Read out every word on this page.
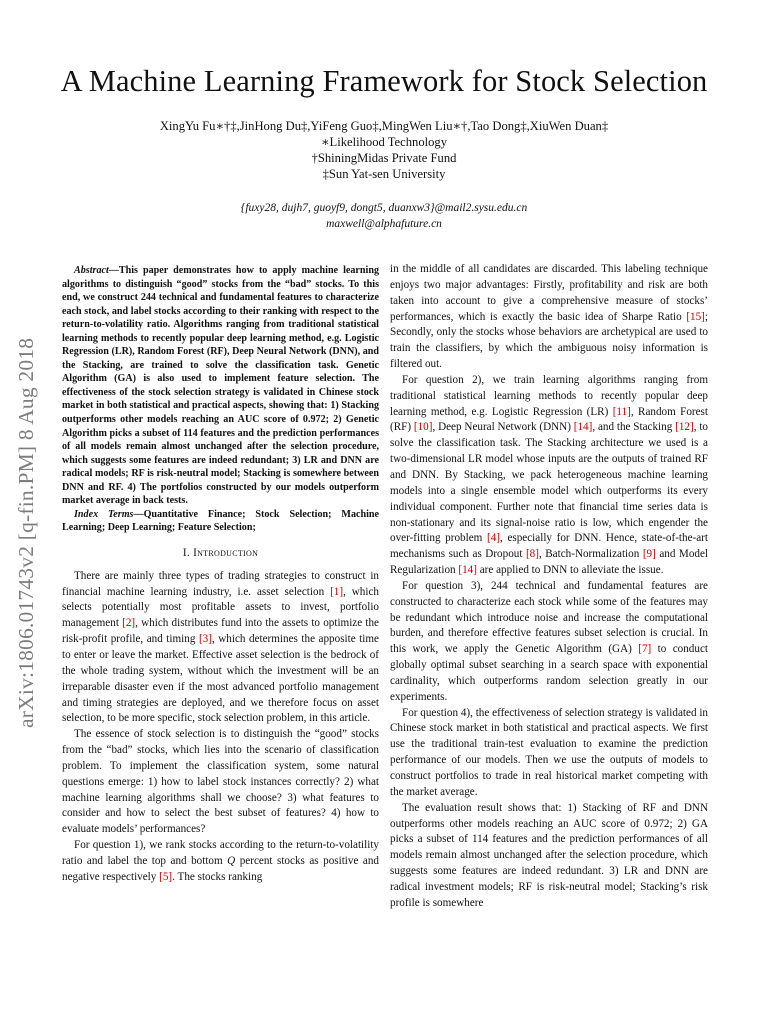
A Machine Learning Framework for Stock Selection
XingYu Fu∗†‡,JinHong Du‡,YiFeng Guo‡,MingWen Liu∗†,Tao Dong‡,XiuWen Duan‡
∗Likelihood Technology
†ShiningMidas Private Fund
‡Sun Yat-sen University
{fuxy28, dujh7, guoyf9, dongt5, duanxw3}@mail2.sysu.edu.cn
maxwell@alphafuture.cn
arXiv:1806.01743v2 [q-fin.PM] 8 Aug 2018

Abstract—This paper demonstrates how to apply machine learning algorithms to distinguish “good” stocks from the “bad” stocks. To this end, we construct 244 technical and fundamental features to characterize each stock, and label stocks according to their ranking with respect to the return-to-volatility ratio. Algorithms ranging from traditional statistical learning methods to recently popular deep learning method, e.g. Logistic Regression (LR), Random Forest (RF), Deep Neural Network (DNN), and the Stacking, are trained to solve the classification task. Genetic Algorithm (GA) is also used to implement feature selection. The effectiveness of the stock selection strategy is validated in Chinese stock market in both statistical and practical aspects, showing that: 1) Stacking outperforms other models reaching an AUC score of 0.972; 2) Genetic Algorithm picks a subset of 114 features and the prediction performances of all models remain almost unchanged after the selection procedure, which suggests some features are indeed redundant; 3) LR and DNN are radical models; RF is risk-neutral model; Stacking is somewhere between DNN and RF. 4) The portfolios constructed by our models outperform market average in back tests.

Index Terms—Quantitative Finance; Stock Selection; Machine Learning; Deep Learning; Feature Selection;

I. Introduction

There are mainly three types of trading strategies to construct in financial machine learning industry, i.e. asset selection [1], which selects potentially most profitable assets to invest, portfolio management [2], which distributes fund into the assets to optimize the risk-profit profile, and timing [3], which determines the apposite time to enter or leave the market. Effective asset selection is the bedrock of the whole trading system, without which the investment will be an irreparable disaster even if the most advanced portfolio management and timing strategies are deployed, and we therefore focus on asset selection, to be more specific, stock selection problem, in this article.

The essence of stock selection is to distinguish the “good” stocks from the “bad” stocks, which lies into the scenario of classification problem. To implement the classification system, some natural questions emerge: 1) how to label stock instances correctly? 2) what machine learning algorithms shall we choose? 3) what features to consider and how to select the best subset of features? 4) how to evaluate models’ performances?

For question 1), we rank stocks according to the return-to-volatility ratio and label the top and bottom Q percent stocks as positive and negative respectively [5]. The stocks ranking

in the middle of all candidates are discarded. This labeling technique enjoys two major advantages: Firstly, profitability and risk are both taken into account to give a comprehensive measure of stocks’ performances, which is exactly the basic idea of Sharpe Ratio [15]; Secondly, only the stocks whose behaviors are archetypical are used to train the classifiers, by which the ambiguous noisy information is filtered out.

For question 2), we train learning algorithms ranging from traditional statistical learning methods to recently popular deep learning method, e.g. Logistic Regression (LR) [11], Random Forest (RF) [10], Deep Neural Network (DNN) [14], and the Stacking [12], to solve the classification task. The Stacking architecture we used is a two-dimensional LR model whose inputs are the outputs of trained RF and DNN. By Stacking, we pack heterogeneous machine learning models into a single ensemble model which outperforms its every individual component. Further note that financial time series data is non-stationary and its signal-noise ratio is low, which engender the over-fitting problem [4], especially for DNN. Hence, state-of-the-art mechanisms such as Dropout [8], Batch-Normalization [9] and Model Regularization [14] are applied to DNN to alleviate the issue.

For question 3), 244 technical and fundamental features are constructed to characterize each stock while some of the features may be redundant which introduce noise and increase the computational burden, and therefore effective features subset selection is crucial. In this work, we apply the Genetic Algorithm (GA) [7] to conduct globally optimal subset searching in a search space with exponential cardinality, which outperforms random selection greatly in our experiments.

For question 4), the effectiveness of selection strategy is validated in Chinese stock market in both statistical and practical aspects. We first use the traditional train-test evaluation to examine the prediction performance of our models. Then we use the outputs of models to construct portfolios to trade in real historical market competing with the market average.

The evaluation result shows that: 1) Stacking of RF and DNN outperforms other models reaching an AUC score of 0.972; 2) GA picks a subset of 114 features and the prediction performances of all models remain almost unchanged after the selection procedure, which suggests some features are indeed redundant. 3) LR and DNN are radical investment models; RF is risk-neutral model; Stacking’s risk profile is somewhere
